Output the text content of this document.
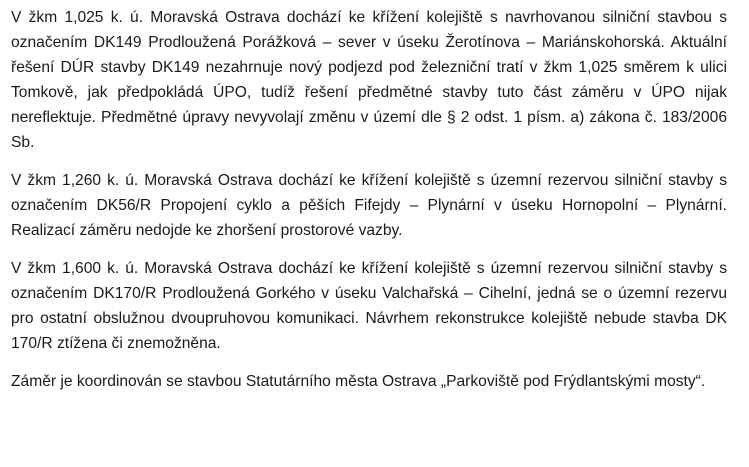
V žkm 1,025 k. ú. Moravská Ostrava dochází ke křížení kolejiště s navrhovanou silniční stavbou s označením DK149 Prodloužená Porážková – sever v úseku Žerotínova – Mariánskohorská. Aktuální řešení DÚR stavby DK149 nezahrnuje nový podjezd pod železniční tratí v žkm 1,025 směrem k ulici Tomkově, jak předpokládá ÚPO, tudíž řešení předmětné stavby tuto část záměru v ÚPO nijak nereflektuje. Předmětné úpravy nevyvolají změnu v území dle § 2 odst. 1 písm. a) zákona č. 183/2006 Sb.

V žkm 1,260 k. ú. Moravská Ostrava dochází ke křížení kolejiště s územní rezervou silniční stavby s označením DK56/R Propojení cyklo a pěších Fifejdy – Plynární v úseku Hornopolní – Plynární. Realizací záměru nedojde ke zhoršení prostorové vazby.

V žkm 1,600 k. ú. Moravská Ostrava dochází ke křížení kolejiště s územní rezervou silniční stavby s označením DK170/R Prodloužená Gorkého v úseku Valchařská – Cihelní, jedná se o územní rezervu pro ostatní obslužnou dvoupruhovou komunikaci. Návrhem rekonstrukce kolejiště nebude stavba DK 170/R ztížena či znemožněna.

Záměr je koordinován se stavbou Statutárního města Ostrava „Parkoviště pod Frýdlantskými mosty“.
